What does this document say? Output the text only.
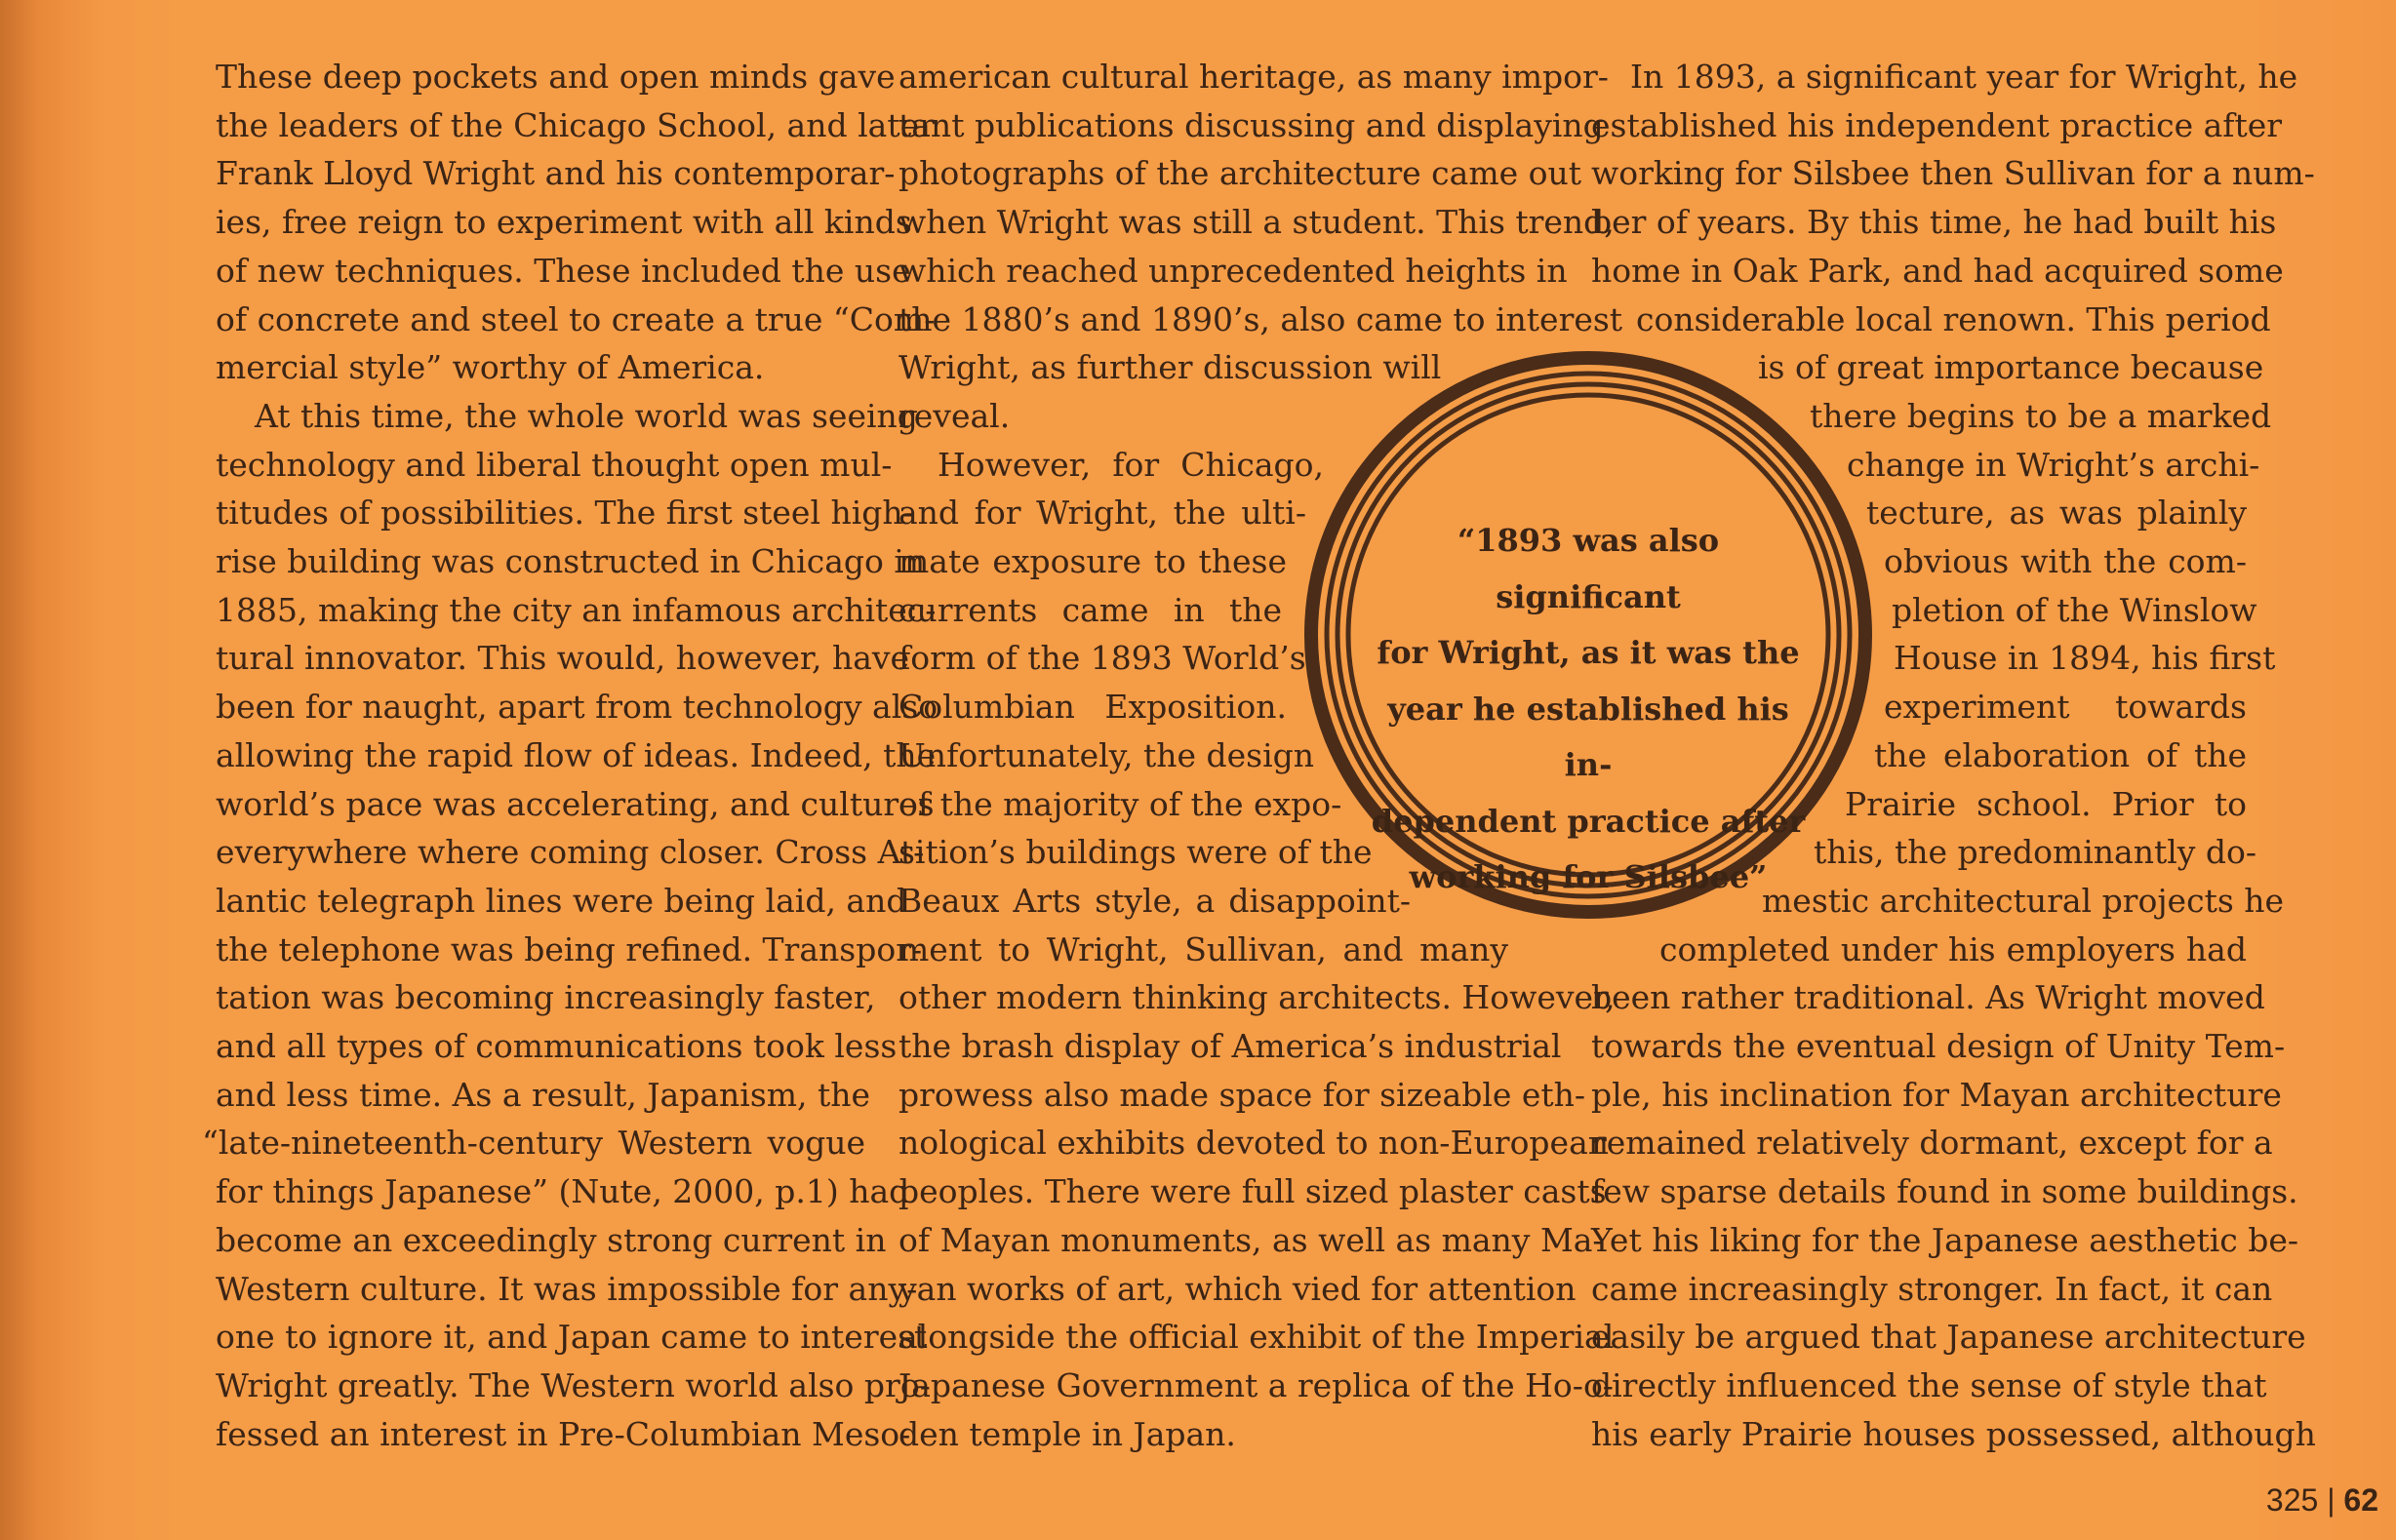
These deep pockets and open minds gave
the leaders of the Chicago School, and later
Frank Lloyd Wright and his contemporar-
ies, free reign to experiment with all kinds
of new techniques. These included the use
of concrete and steel to create a true “Com-
mercial style” worthy of America.
At this time, the whole world was seeing
technology and liberal thought open mul-
titudes of possibilities. The first steel high-
rise building was constructed in Chicago in
1885, making the city an infamous architec-
tural innovator. This would, however, have
been for naught, apart from technology also
allowing the rapid flow of ideas. Indeed, the
world’s pace was accelerating, and cultures
everywhere where coming closer. Cross At-
lantic telegraph lines were being laid, and
the telephone was being refined. Transpor-
tation was becoming increasingly faster,
and all types of communications took less
and less time. As a result, Japanism, the
“late-nineteenth-century Western vogue
for things Japanese” (Nute, 2000, p.1) had
become an exceedingly strong current in
Western culture. It was impossible for any-
one to ignore it, and Japan came to interest
Wright greatly. The Western world also pro-
fessed an interest in Pre-Columbian Meso-
american cultural heritage, as many impor-
tant publications discussing and displaying
photographs of the architecture came out
when Wright was still a student. This trend,
which reached unprecedented heights in
the 1880’s and 1890’s, also came to interest
Wright, as further discussion will
reveal.
However, for Chicago,
and for Wright, the ulti-
mate exposure to these
currents came in the
form of the 1893 World’s
Columbian Exposition.
Unfortunately, the design
of the majority of the expo-
sition’s buildings were of the
Beaux Arts style, a disappoint-
ment to Wright, Sullivan, and many
other modern thinking architects. However,
the brash display of America’s industrial
prowess also made space for sizeable eth-
nological exhibits devoted to non-European
peoples. There were full sized plaster casts
of Mayan monuments, as well as many Ma-
yan works of art, which vied for attention
alongside the official exhibit of the Imperial
Japanese Government a replica of the Ho-o-
den temple in Japan.
In 1893, a significant year for Wright, he
established his independent practice after
working for Silsbee then Sullivan for a num-
ber of years. By this time, he had built his
home in Oak Park, and had acquired some
considerable local renown. This period
is of great importance because
there begins to be a marked
change in Wright’s archi-
tecture, as was plainly
obvious with the com-
pletion of the Winslow
House in 1894, his first
experiment towards
the elaboration of the
Prairie school. Prior to
this, the predominantly do-
mestic architectural projects he
completed under his employers had
been rather traditional. As Wright moved
towards the eventual design of Unity Tem-
ple, his inclination for Mayan architecture
remained relatively dormant, except for a
few sparse details found in some buildings.
Yet his liking for the Japanese aesthetic be-
came increasingly stronger. In fact, it can
easily be argued that Japanese architecture
directly influenced the sense of style that
his early Prairie houses possessed, although
“1893 was also significant
for Wright, as it was the
year he established his in-
dependent practice after
working for Silsbee”
325 | 62
